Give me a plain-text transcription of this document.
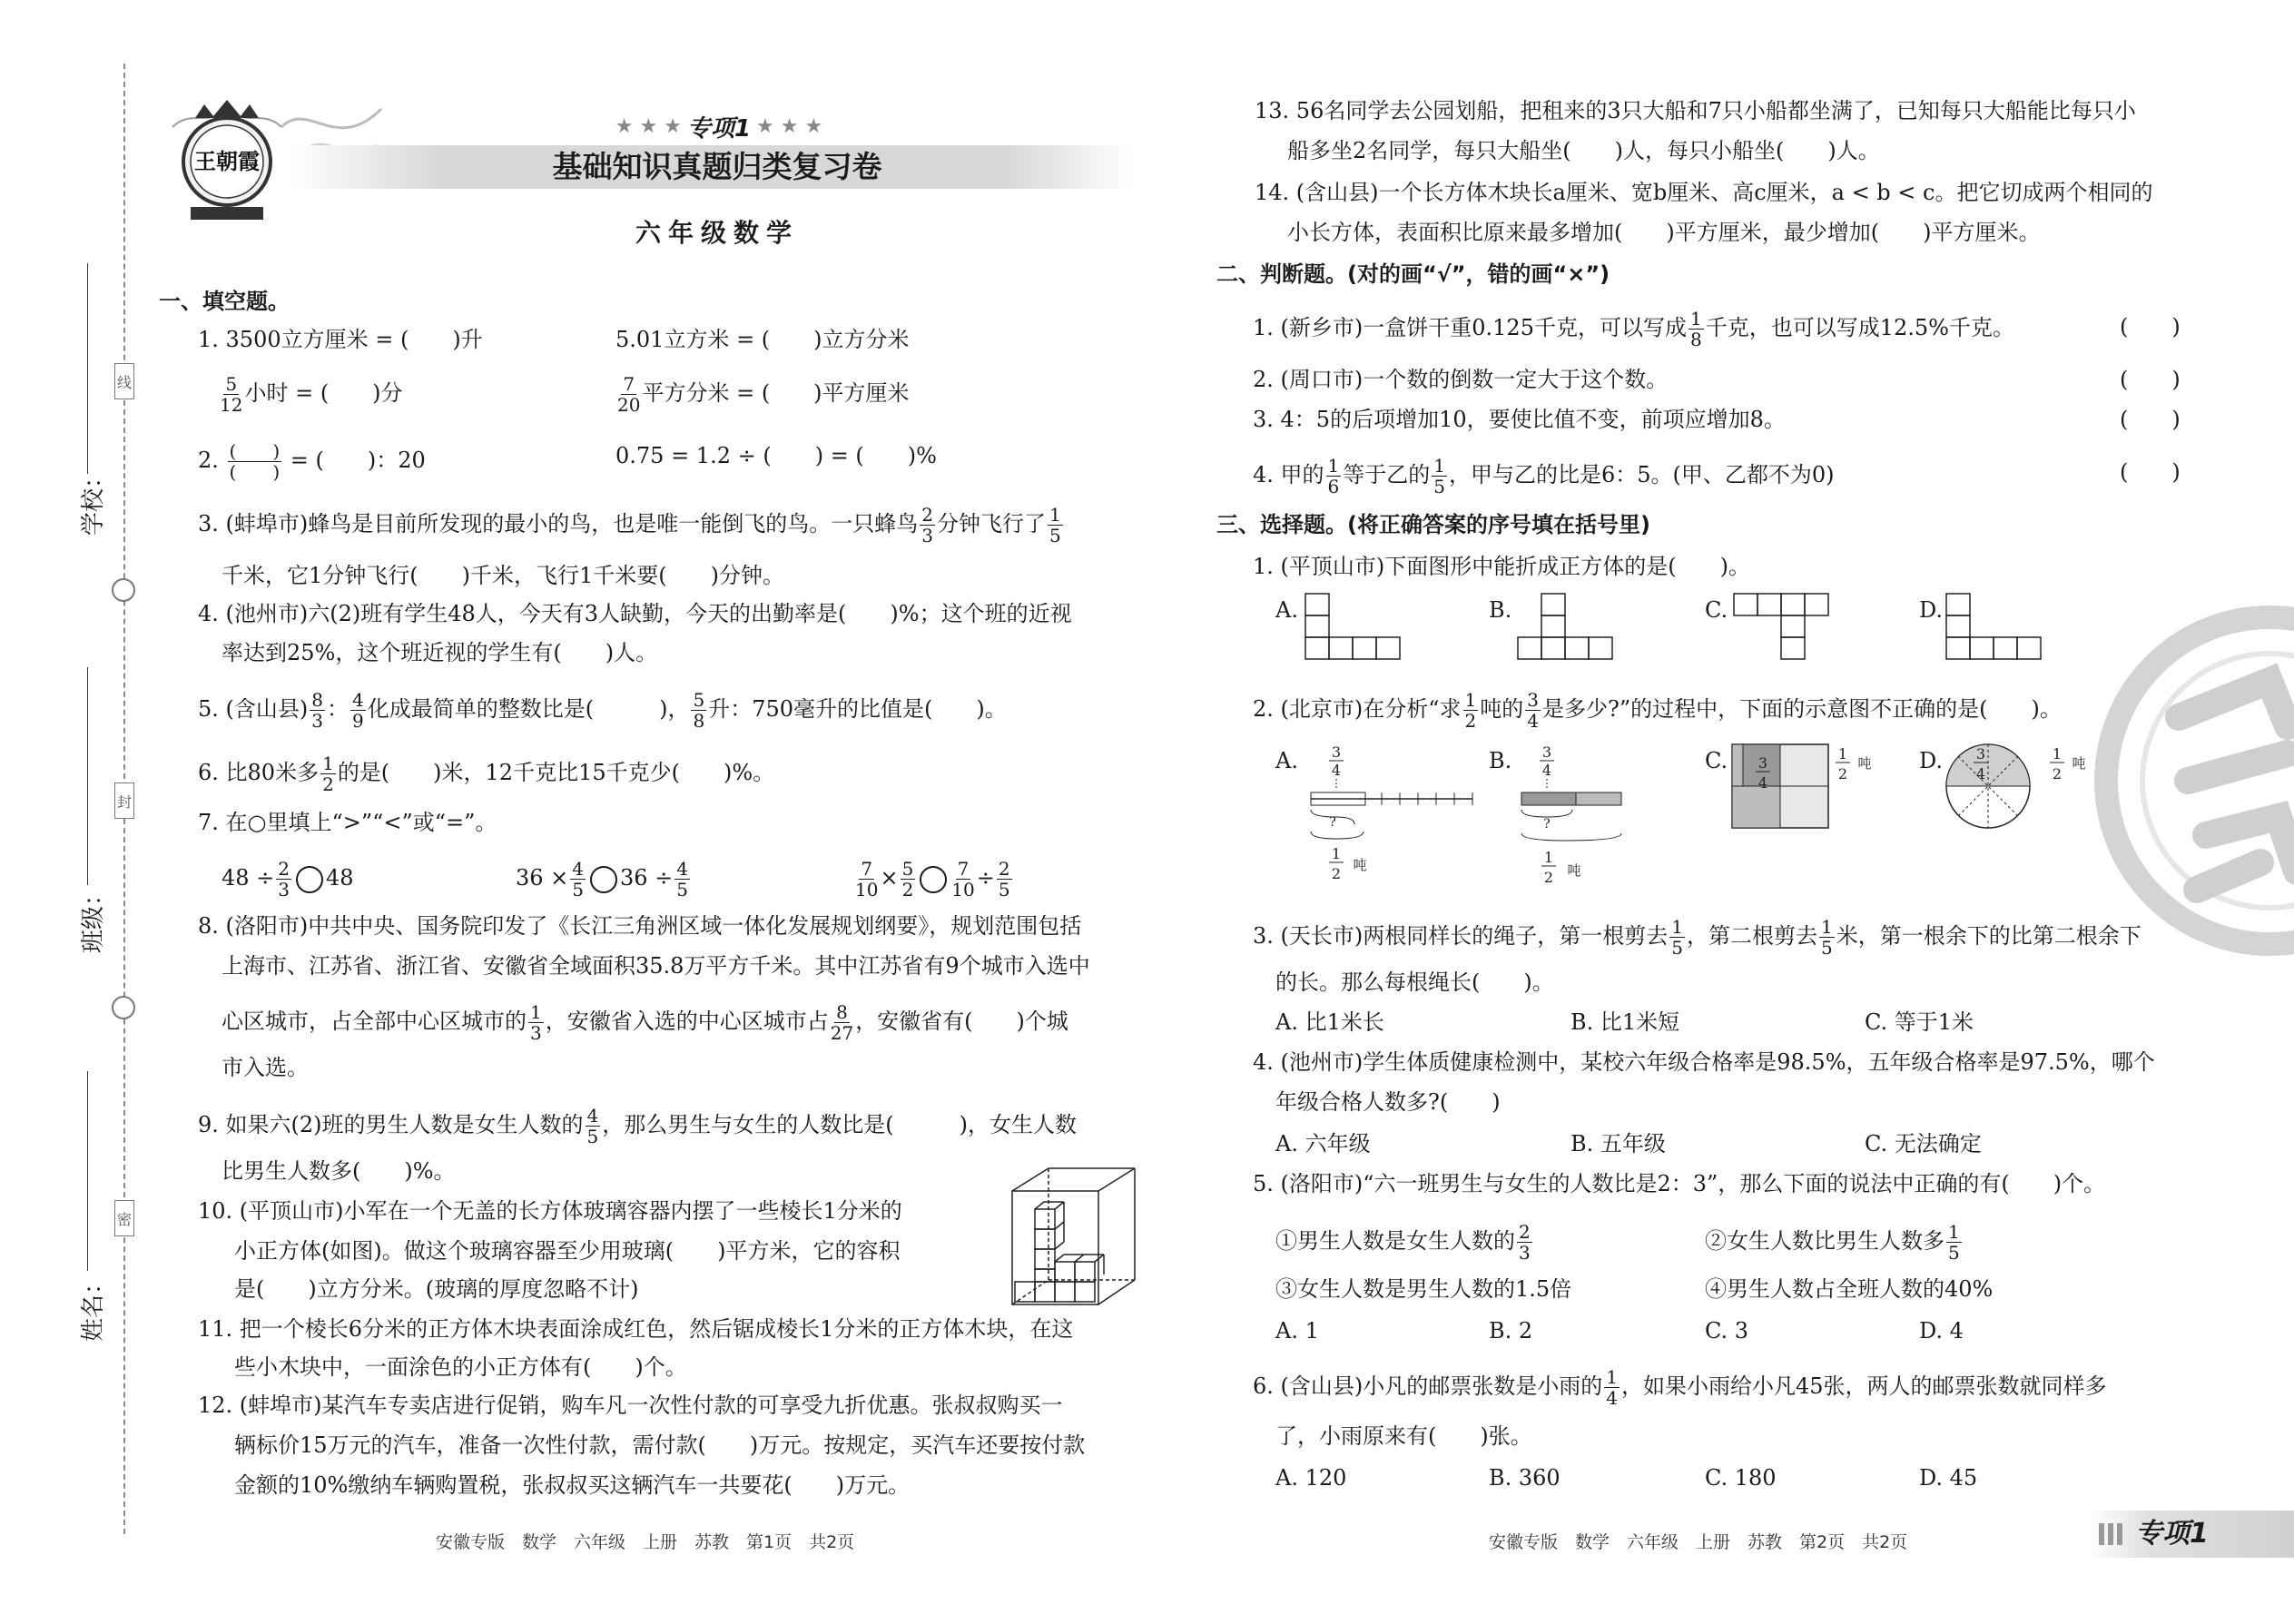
线
封
密
学校：
班级：
姓名：
王朝霞
★ ★ ★ 专项1 ★ ★ ★
基础知识真题归类复习卷
六年级数学
一、填空题。
1. 3500立方厘米 = (　　)升	5.01立方米 = (　　)立方分米
$\frac{5}{12}$ 小时 = (　　)分	$\frac{7}{20}$ 平方分米 = (　　)平方厘米
2. $\frac{( )}{( )}$ = (　　)：20	0.75 = 1.2 ÷ (　　) = (　　)%
3. (蚌埠市)蜂鸟是目前所发现的最小的鸟，也是唯一能倒飞的鸟。一只蜂鸟 $\frac{2}{3}$ 分钟飞行了 $\frac{1}{5}$
千米，它1分钟飞行(　　)千米，飞行1千米要(　　)分钟。
4. (池州市)六(2)班有学生48人，今天有3人缺勤，今天的出勤率是(　　)%；这个班的近视
率达到25%，这个班近视的学生有(　　)人。
5. (含山县) $\frac{8}{3}$ ： $\frac{4}{9}$ 化成最简单的整数比是(　　　)， $\frac{5}{8}$ 升：750毫升的比值是(　　)。
6. 比80米多 $\frac{1}{2}$ 的是(　　)米，12千克比15千克少(　　)%。
7. 在○里填上“>”“<”或“=”。
$48 \div \frac{2}{3} 48$	$36 \times \frac{4}{5} 36 \div \frac{4}{5}$	$\frac{7}{10} \times \frac{5}{2} \frac{7}{10} \div \frac{2}{5}$
8. (洛阳市)中共中央、国务院印发了《长江三角洲区域一体化发展规划纲要》，规划范围包括
上海市、江苏省、浙江省、安徽省全域面积35.8万平方千米。其中江苏省有9个城市入选中
心区城市，占全部中心区城市的 $\frac{1}{3}$ ，安徽省入选的中心区城市占 $\frac{8}{27}$ ，安徽省有(　　)个城
市入选。
9. 如果六(2)班的男生人数是女生人数的 $\frac{4}{5}$ ，那么男生与女生的人数比是(　　　)，女生人数
比男生人数多(　　)%。
10. (平顶山市)小军在一个无盖的长方体玻璃容器内摆了一些棱长1分米的
小正方体(如图)。做这个玻璃容器至少用玻璃(　　)平方米，它的容积
是(　　)立方分米。(玻璃的厚度忽略不计)
11. 把一个棱长6分米的正方体木块表面涂成红色，然后锯成棱长1分米的正方体木块，在这
些小木块中，一面涂色的小正方体有(　　)个。
12. (蚌埠市)某汽车专卖店进行促销，购车凡一次性付款的可享受九折优惠。张叔叔购买一
辆标价15万元的汽车，准备一次性付款，需付款(　　)万元。按规定，买汽车还要按付款
金额的10%缴纳车辆购置税，张叔叔买这辆汽车一共要花(　　)万元。
安徽专版　数学　六年级　上册　苏教　第1页　共2页
13. 56名同学去公园划船，把租来的3只大船和7只小船都坐满了，已知每只大船能比每只小
船多坐2名同学，每只大船坐(　　)人，每只小船坐(　　)人。
14. (含山县)一个长方体木块长a厘米、宽b厘米、高c厘米，a < b < c。把它切成两个相同的
小长方体，表面积比原来最多增加(　　)平方厘米，最少增加(　　)平方厘米。
二、判断题。(对的画“√”，错的画“×”)
1. (新乡市)一盒饼干重0.125千克，可以写成 $\frac{1}{8}$ 千克，也可以写成12.5%千克。	(　　)
2. (周口市)一个数的倒数一定大于这个数。	(　　)
3. 4：5的后项增加10，要使比值不变，前项应增加8。	(　　)
4. 甲的 $\frac{1}{6}$ 等于乙的 $\frac{1}{5}$ ，甲与乙的比是6：5。(甲、乙都不为0)	(　　)
三、选择题。(将正确答案的序号填在括号里)
1. (平顶山市)下面图形中能折成正方体的是(　　)。
A.	B.	C.	D.
2. (北京市)在分析“求 $\frac{1}{2}$ 吨的 $\frac{3}{4}$ 是多少?”的过程中，下面的示意图不正确的是(　　)。
A. 3
4
?
1
2 吨
B. 3
4
?
1
2 吨
C. 3
4
1
2
吨 D. 3
4
1
2
吨
3. (天长市)两根同样长的绳子，第一根剪去 $\frac{1}{5}$ ，第二根剪去 $\frac{1}{5}$ 米，第一根余下的比第二根余下
的长。那么每根绳长(　　)。
A. 比1米长	B. 比1米短	C. 等于1米
4. (池州市)学生体质健康检测中，某校六年级合格率是98.5%，五年级合格率是97.5%，哪个
年级合格人数多?(　　)
A. 六年级	B. 五年级	C. 无法确定
5. (洛阳市)“六一班男生与女生的人数比是2：3”，那么下面的说法中正确的有(　　)个。
①男生人数是女生人数的 $\frac{2}{3}$	②女生人数比男生人数多 $\frac{1}{5}$
③女生人数是男生人数的1.5倍	④男生人数占全班人数的40%
A. 1	B. 2	C. 3	D. 4
6. (含山县)小凡的邮票张数是小雨的 $\frac{1}{4}$ ，如果小雨给小凡45张，两人的邮票张数就同样多
了，小雨原来有(　　)张。
A. 120	B. 360	C. 180	D. 45
安徽专版　数学　六年级　上册　苏教　第2页　共2页	专项1
